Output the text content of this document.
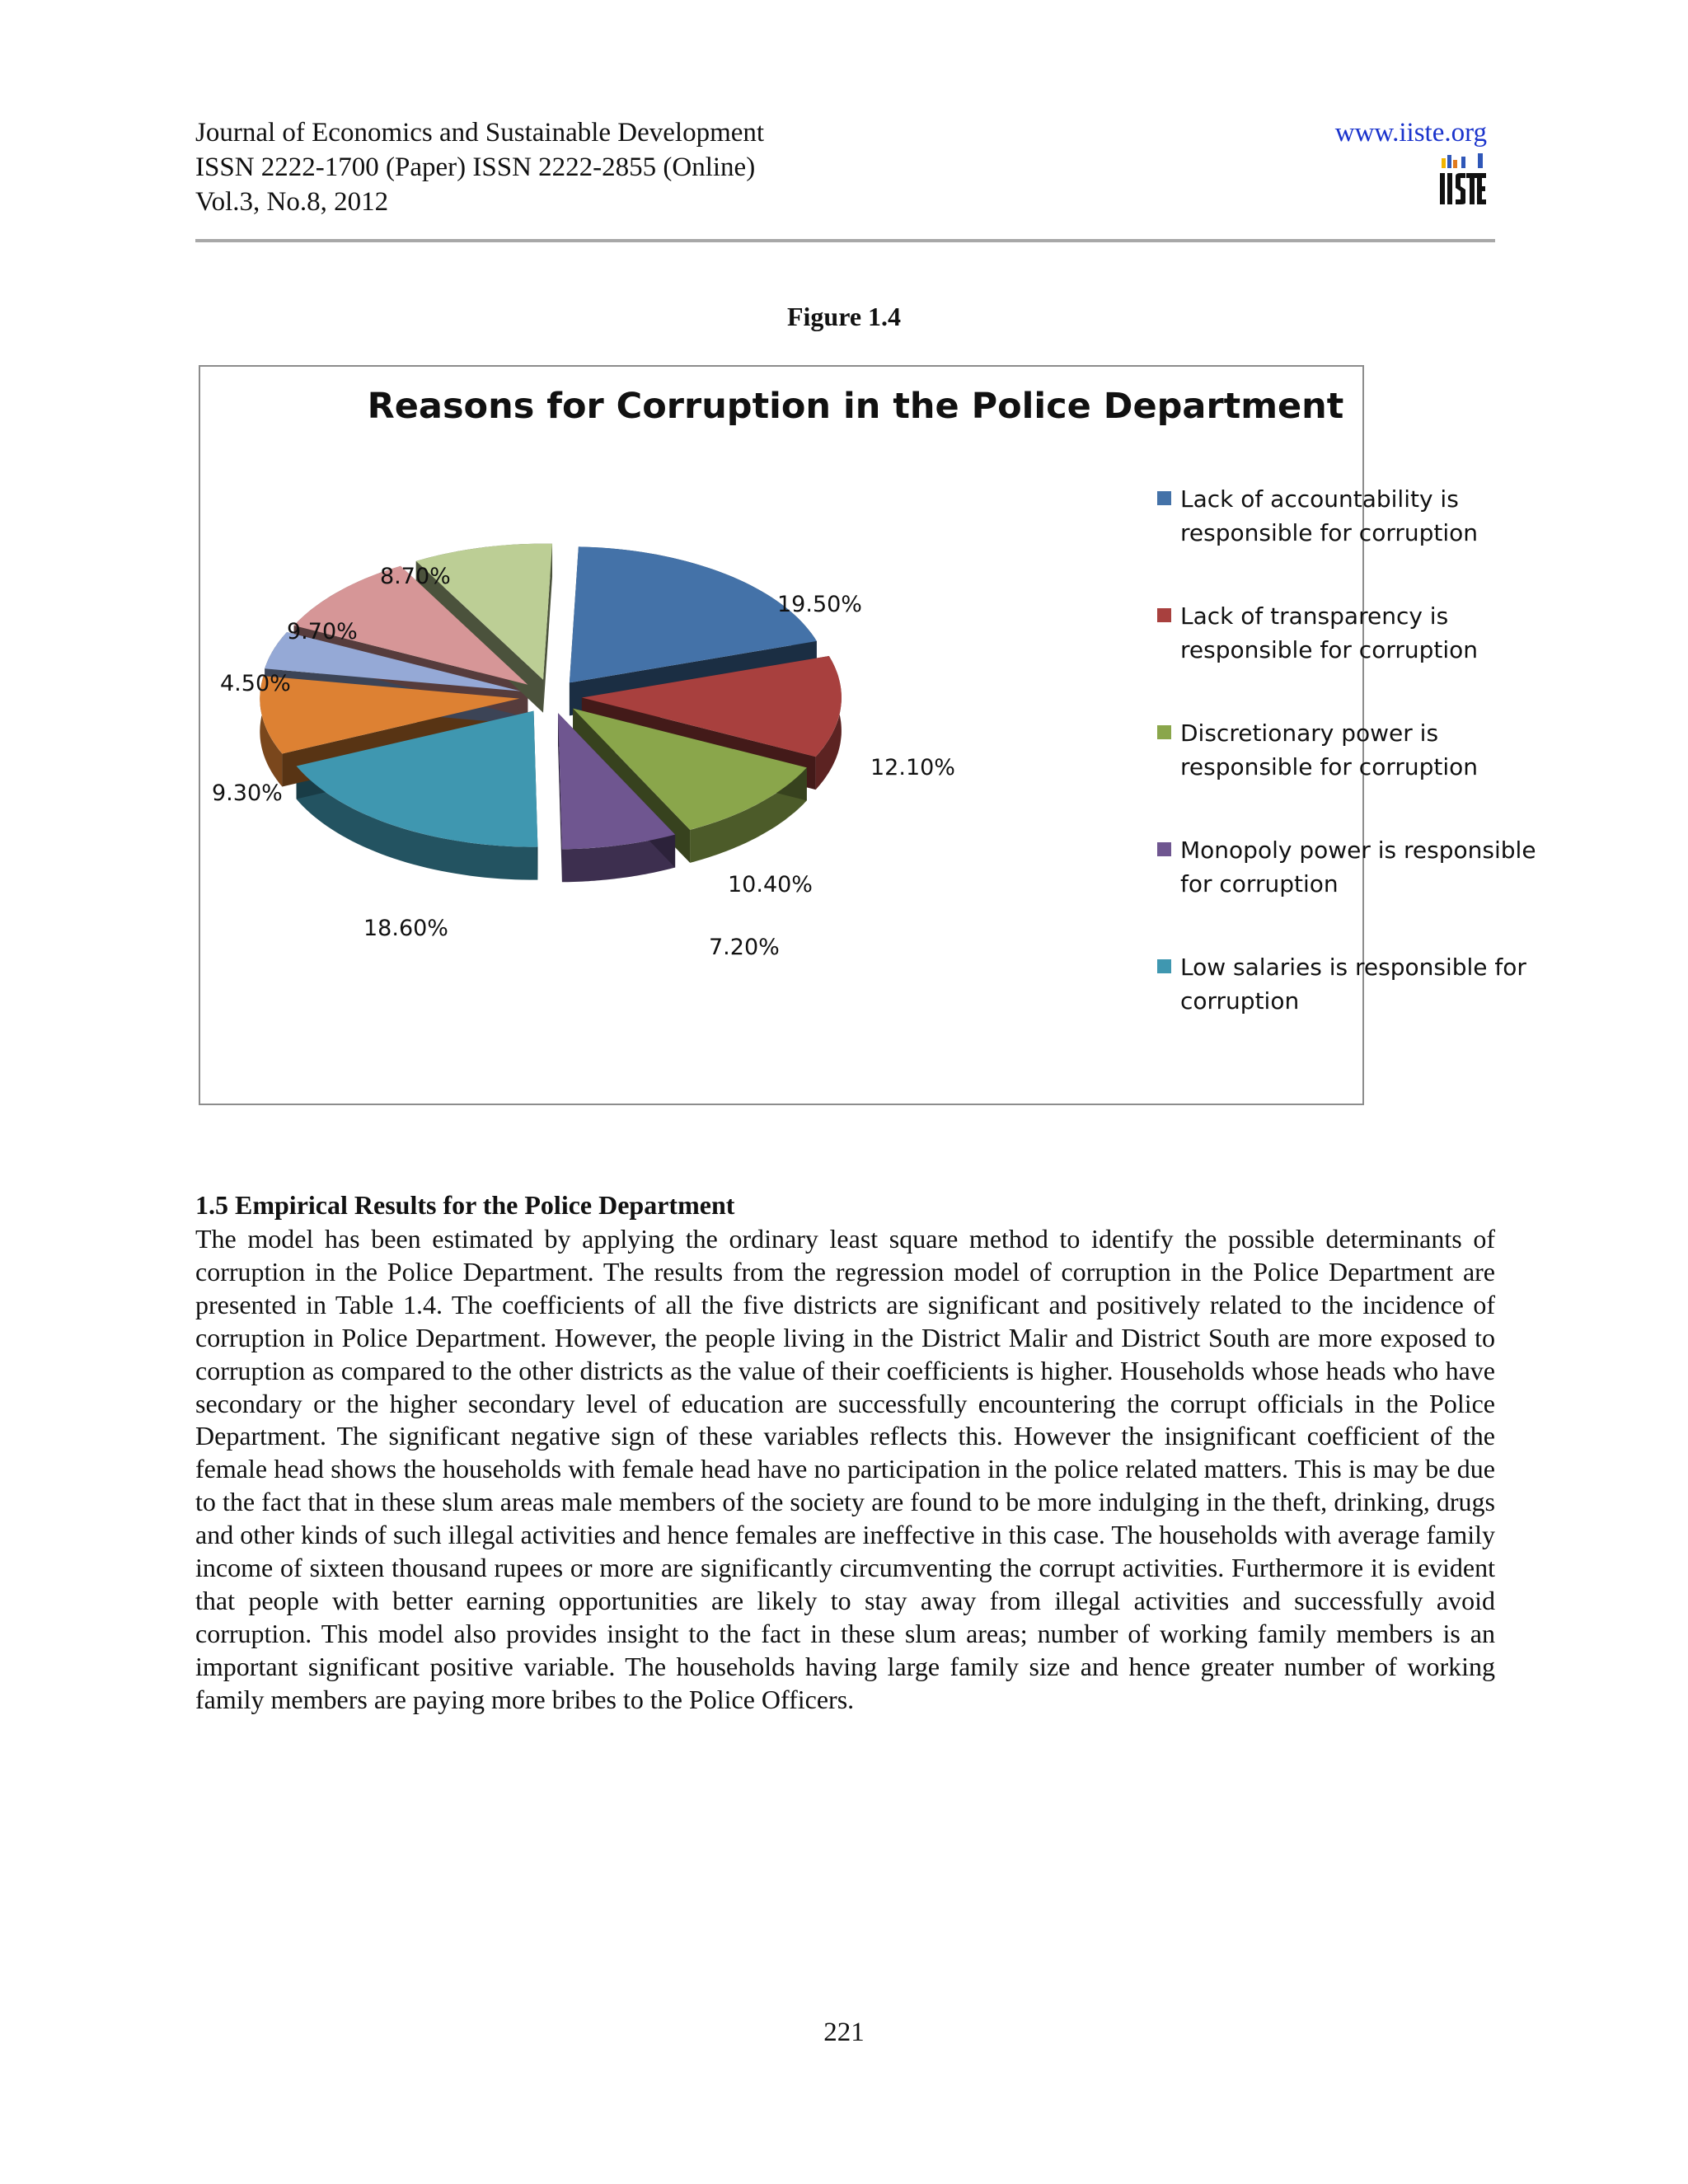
Journal of Economics and Sustainable Development
ISSN 2222-1700 (Paper) ISSN 2222-2855 (Online)
Vol.3, No.8, 2012
www.iiste.org
Figure 1.4
Reasons for Corruption in the Police Department
19.50%
12.10%
10.40%
7.20%
18.60%
9.30%
4.50%
9.70%
8.70%
Lack of accountability is
responsible for corruption
Lack of transparency is
responsible for corruption
Discretionary power is
responsible for corruption
Monopoly power is responsible
for corruption
Low salaries is responsible for
corruption
1.5 Empirical Results for the Police Department

The model has been estimated by applying the ordinary least square method to identify the possible determinants of corruption in the Police Department. The results from the regression model of corruption in the Police Department are presented in Table 1.4. The coefficients of all the five districts are significant and positively related to the incidence of corruption in Police Department. However, the people living in the District Malir and District South are more exposed to corruption as compared to the other districts as the value of their coefficients is higher. Households whose heads who have secondary or the higher secondary level of education are successfully encountering the corrupt officials in the Police Department. The significant negative sign of these variables reflects this. However the insignificant coefficient of the female head shows the households with female head have no participation in the police related matters. This is may be due to the fact that in these slum areas male members of the society are found to be more indulging in the theft, drinking, drugs and other kinds of such illegal activities and hence females are ineffective in this case. The households with average family income of sixteen thousand rupees or more are significantly circumventing the corrupt activities. Furthermore it is evident that people with better earning opportunities are likely to stay away from illegal activities and successfully avoid corruption. This model also provides insight to the fact in these slum areas; number of working family members is an important significant positive variable. The households having large family size and hence greater number of working family members are paying more bribes to the Police Officers.

221
